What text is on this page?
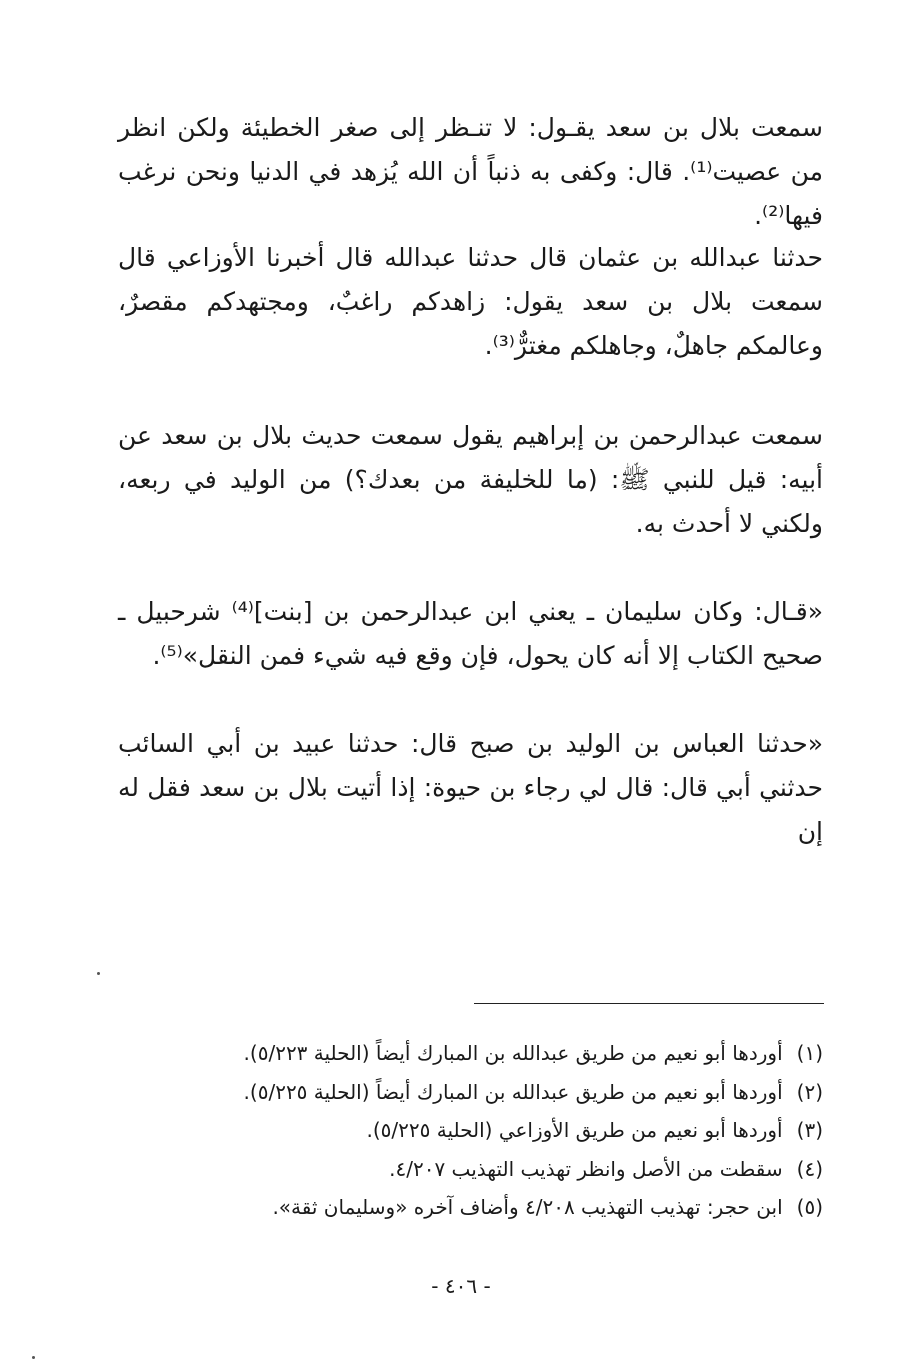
سمعت بلال بن سعد يقـول: لا تنـظر إلى صغر الخطيئة ولكن انظر من عصيت⁽¹⁾. قال: وكفى به ذنباً أن الله يُزهد في الدنيا ونحن نرغب فيها⁽²⁾.

حدثنا عبدالله بن عثمان قال حدثنا عبدالله قال أخبرنا الأوزاعي قال سمعت بلال بن سعد يقول: زاهدكم راغبٌ، ومجتهدكم مقصرٌ، وعالمكم جاهلٌ، وجاهلكم مغترٌّ⁽³⁾.

سمعت عبدالرحمن بن إبراهيم يقول سمعت حديث بلال بن سعد عن أبيه: قيل للنبي ﷺ: (ما للخليفة من بعدك؟) من الوليد في ربعه، ولكني لا أحدث به.

«قـال: وكان سليمان ـ يعني ابن عبدالرحمن بن [بنت]⁽⁴⁾ شرحبيل ـ صحيح الكتاب إلا أنه كان يحول، فإن وقع فيه شيء فمن النقل»⁽⁵⁾.

«حدثنا العباس بن الوليد بن صبح قال: حدثنا عبيد بن أبي السائب حدثني أبي قال: قال لي رجاء بن حيوة: إذا أتيت بلال بن سعد فقل له إن

(١)أوردها أبو نعيم من طريق عبدالله بن المبارك أيضاً (الحلية ٥/٢٢٣).

(٢)أوردها أبو نعيم من طريق عبدالله بن المبارك أيضاً (الحلية ٥/٢٢٥).

(٣)أوردها أبو نعيم من طريق الأوزاعي (الحلية ٥/٢٢٥).

(٤)سقطت من الأصل وانظر تهذيب التهذيب ٤/٢٠٧.

(٥)ابن حجر: تهذيب التهذيب ٤/٢٠٨ وأضاف آخره «وسليمان ثقة».

- ٤٠٦ -
